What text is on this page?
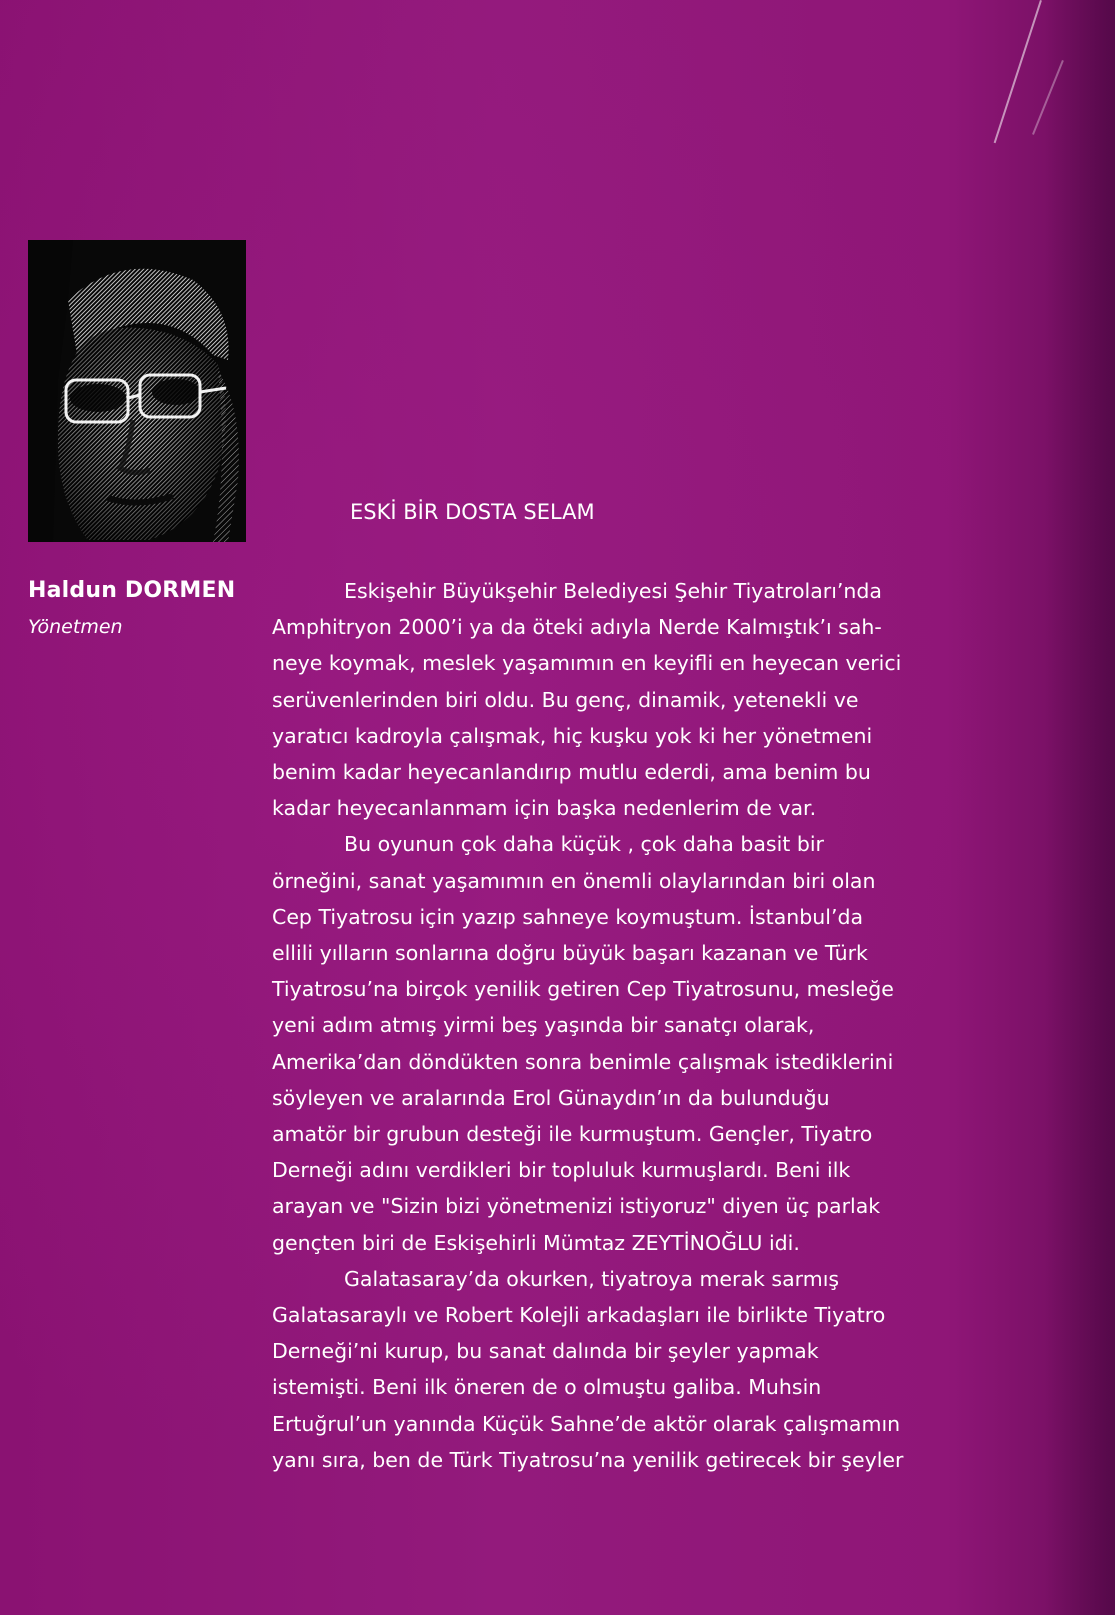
Haldun DORMEN
Yönetmen
ESKİ BİR DOSTA SELAM
Eskişehir Büyükşehir Belediyesi Şehir Tiyatroları’nda
Amphitryon 2000’i ya da öteki adıyla Nerde Kalmıştık’ı sah-
neye koymak, meslek yaşamımın en keyifli en heyecan verici
serüvenlerinden biri oldu. Bu genç, dinamik, yetenekli ve
yaratıcı kadroyla çalışmak, hiç kuşku yok ki her yönetmeni
benim kadar heyecanlandırıp mutlu ederdi, ama benim bu
kadar heyecanlanmam için başka nedenlerim de var.
Bu oyunun çok daha küçük , çok daha basit bir
örneğini, sanat yaşamımın en önemli olaylarından biri olan
Cep Tiyatrosu için yazıp sahneye koymuştum. İstanbul’da
ellili yılların sonlarına doğru büyük başarı kazanan ve Türk
Tiyatrosu’na birçok yenilik getiren Cep Tiyatrosunu, mesleğe
yeni adım atmış yirmi beş yaşında bir sanatçı olarak,
Amerika’dan döndükten sonra benimle çalışmak istediklerini
söyleyen ve aralarında Erol Günaydın’ın da bulunduğu
amatör bir grubun desteği ile kurmuştum. Gençler, Tiyatro
Derneği adını verdikleri bir topluluk kurmuşlardı. Beni ilk
arayan ve "Sizin bizi yönetmenizi istiyoruz" diyen üç parlak
gençten biri de Eskişehirli Mümtaz ZEYTİNOĞLU idi.
Galatasaray’da okurken, tiyatroya merak sarmış
Galatasaraylı ve Robert Kolejli arkadaşları ile birlikte Tiyatro
Derneği’ni kurup, bu sanat dalında bir şeyler yapmak
istemişti. Beni ilk öneren de o olmuştu galiba. Muhsin
Ertuğrul’un yanında Küçük Sahne’de aktör olarak çalışmamın
yanı sıra, ben de Türk Tiyatrosu’na yenilik getirecek bir şeyler
